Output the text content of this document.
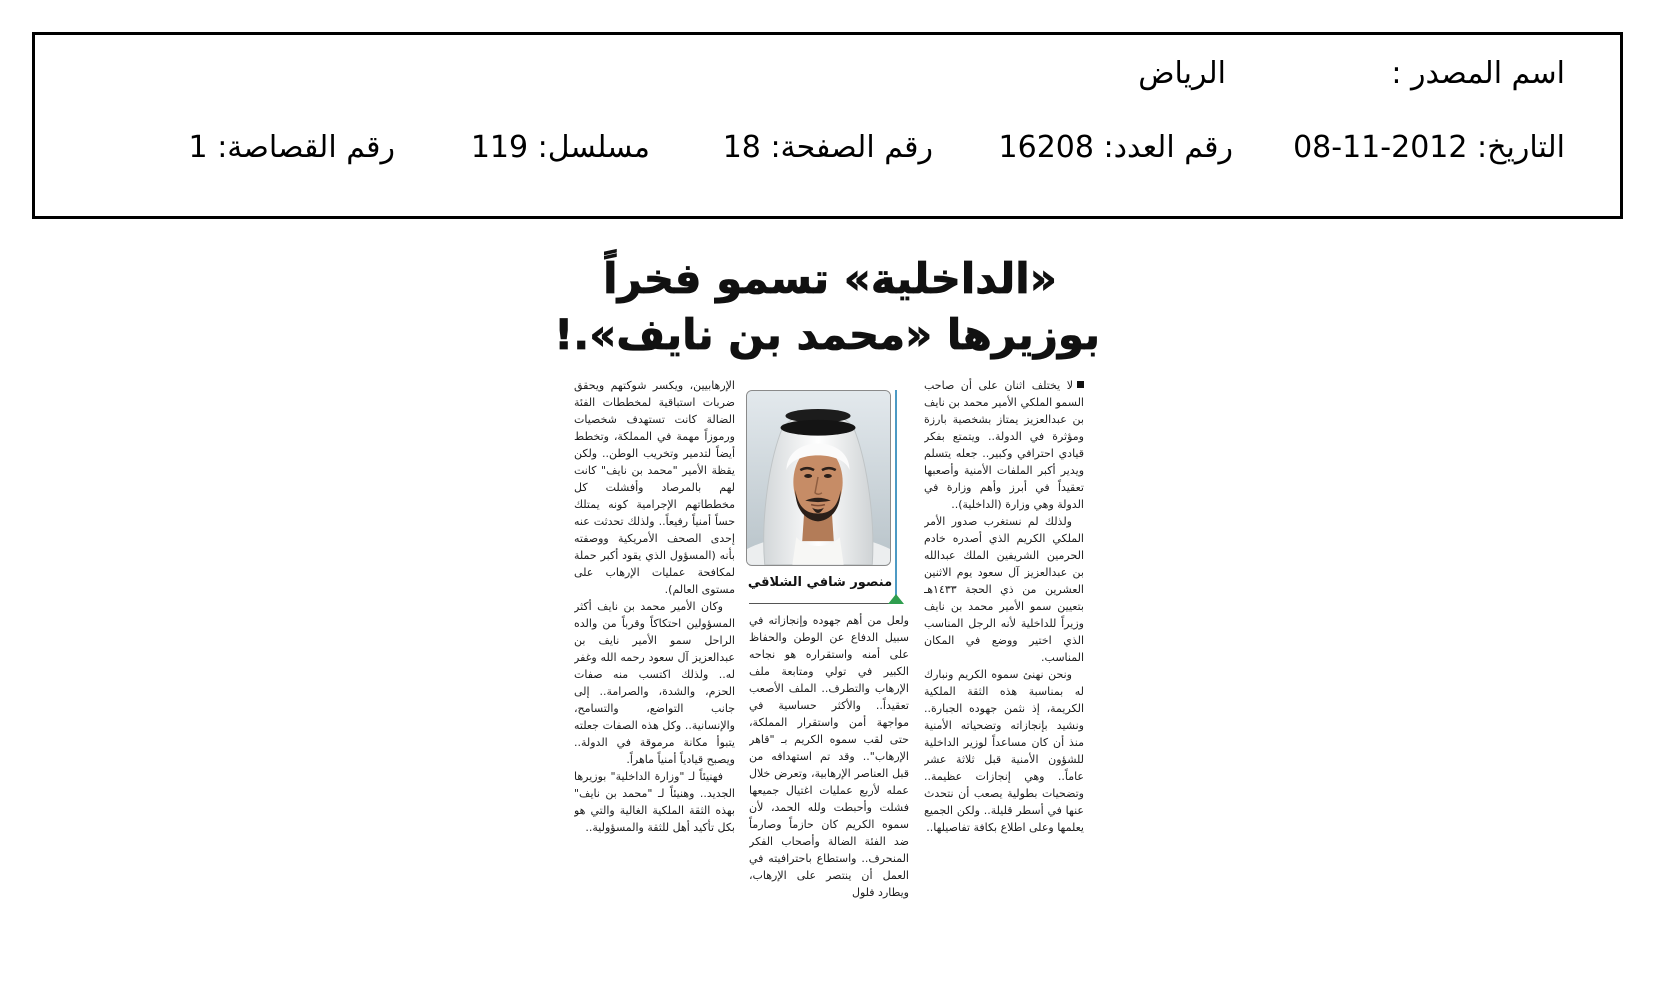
اسم المصدر :
الرياض
التاريخ: 2012-11-08
رقم العدد: 16208
رقم الصفحة: 18
مسلسل: 119
رقم القصاصة: 1
«الداخلية» تسمو فخراً
بوزيرها «محمد بن نايف».!

لا يختلف اثنان على أن صاحب السمو الملكي الأمير محمد بن نايف بن عبدالعزيز يمتاز بشخصية بارزة ومؤثرة في الدولة.. ويتمتع بفكر قيادي احترافي وكبير.. جعله يتسلم ويدير أكبر الملفات الأمنية وأصعبها تعقيداً في أبرز وأهم وزارة في الدولة وهي وزارة (الداخلية)..

ولذلك لم نستغرب صدور الأمر الملكي الكريم الذي أصدره خادم الحرمين الشريفين الملك عبدالله بن عبدالعزيز آل سعود يوم الاثنين العشرين من ذي الحجة ١٤٣٣هـ بتعيين سمو الأمير محمد بن نايف وزيراً للداخلية لأنه الرجل المناسب الذي اختير ووضع في المكان المناسب.

ونحن نهنئ سموه الكريم ونبارك له بمناسبة هذه الثقة الملكية الكريمة، إذ نثمن جهوده الجبارة.. ونشيد بإنجازاته وتضحياته الأمنية منذ أن كان مساعداً لوزير الداخلية للشؤون الأمنية قبل ثلاثة عشر عاماً.. وهي إنجازات عظيمة.. وتضحيات بطولية يصعب أن نتحدث عنها في أسطر قليلة.. ولكن الجميع يعلمها وعلى اطلاع بكافة تفاصيلها..

منصور شافي الشلاقي

ولعل من أهم جهوده وإنجازاته في سبيل الدفاع عن الوطن والحفاظ على أمنه واستقراره هو نجاحه الكبير في تولي ومتابعة ملف الإرهاب والتطرف.. الملف الأصعب تعقيداً.. والأكثر حساسية في مواجهة أمن واستقرار المملكة، حتى لقب سموه الكريم بـ "قاهر الإرهاب".. وقد تم استهدافه من قبل العناصر الإرهابية، وتعرض خلال عمله لأربع عمليات اغتيال جميعها فشلت وأحبطت ولله الحمد، لأن سموه الكريم كان حازماً وصارماً ضد الفئة الضالة وأصحاب الفكر المنحرف.. واستطاع باحترافيته في العمل أن ينتصر على الإرهاب، ويطارد فلول

الإرهابيين، ويكسر شوكتهم ويحقق ضربات استباقية لمخططات الفئة الضالة كانت تستهدف شخصيات ورموزاً مهمة في المملكة، وتخطط أيضاً لتدمير وتخريب الوطن.. ولكن يقظة الأمير "محمد بن نايف" كانت لهم بالمرصاد وأفشلت كل مخططاتهم الإجرامية كونه يمتلك حساً أمنياً رفيعاً.. ولذلك تحدثت عنه إحدى الصحف الأمريكية ووصفته بأنه (المسؤول الذي يقود أكبر حملة لمكافحة عمليات الإرهاب على مستوى العالم).

وكان الأمير محمد بن نايف أكثر المسؤولين احتكاكاً وقرباً من والده الراحل سمو الأمير نايف بن عبدالعزيز آل سعود رحمه الله وغفر له.. ولذلك اكتسب منه صفات الحزم، والشدة، والصرامة.. إلى جانب التواضع، والتسامح، والإنسانية.. وكل هذه الصفات جعلته يتبوأ مكانة مرموقة في الدولة.. ويصبح قيادياً أمنياً ماهراً.

فهنيئاً لـ "وزارة الداخلية" بوزيرها الجديد.. وهنيئاً لـ "محمد بن نايف" بهذه الثقة الملكية الغالية والتي هو بكل تأكيد أهل للثقة والمسؤولية..
